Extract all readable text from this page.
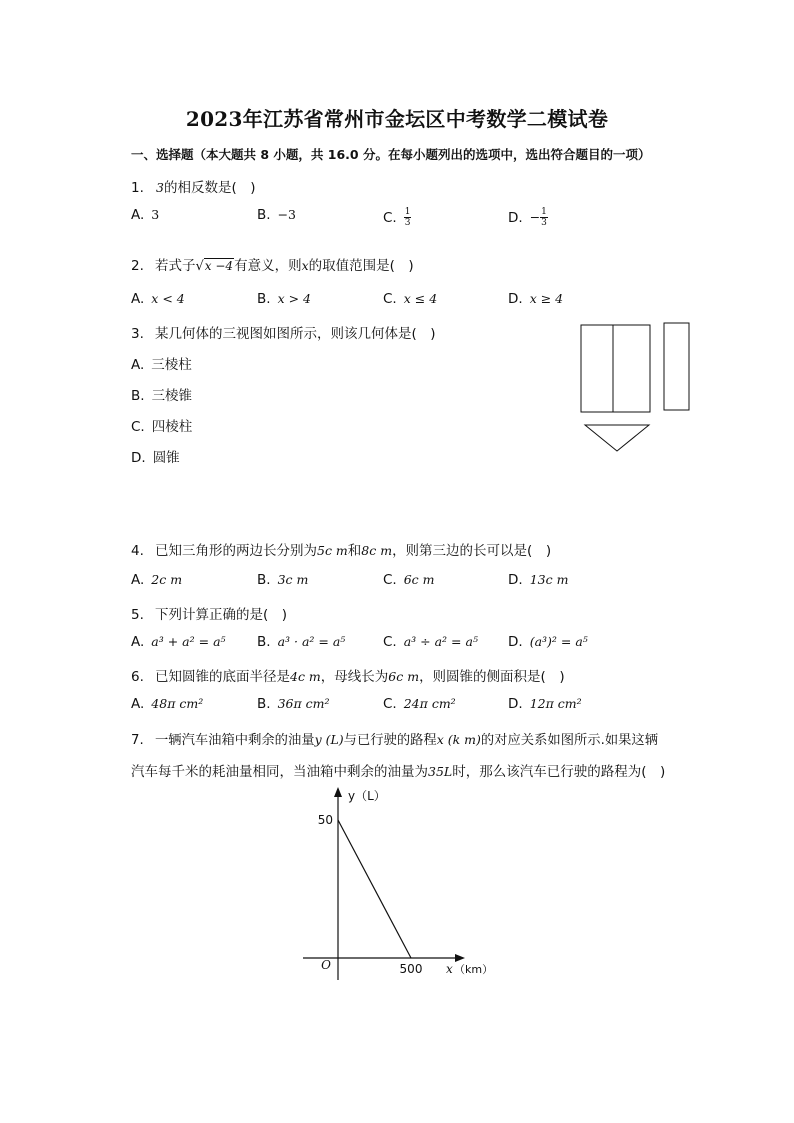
2023年江苏省常州市金坛区中考数学二模试卷
一、选择题（本大题共 8 小题，共 16.0 分。在每小题列出的选项中，选出符合题目的一项）
1. 3的相反数是(　)
A. 3	B. −3	C. $\frac{1}{3}$	D. − $\frac{1}{3}$
2. 若式子√x −4有意义，则x的取值范围是(　)
A. x < 4	B. x > 4	C. x ≤ 4	D. x ≥ 4
3. 某几何体的三视图如图所示，则该几何体是(　)
A. 三棱柱
B. 三棱锥
C. 四棱柱
D. 圆锥
4. 已知三角形的两边长分别为5c m和8c m，则第三边的长可以是(　)
A. 2c m	B. 3c m	C. 6c m	D. 13c m
5. 下列计算正确的是(　)
A. a³ + a² = a⁵ B. a³ · a² = a⁵	C. a³ ÷ a² = a⁵ D. (a³)² = a⁵
6. 已知圆锥的底面半径是4c m，母线长为6c m，则圆锥的侧面积是(　)
A. 48π cm²	B. 36π cm²	C. 24π cm²	D. 12π cm²
7. 一辆汽车油箱中剩余的油量y (L)与已行驶的路程x (k m)的对应关系如图所示.如果这辆
汽车每千米的耗油量相同，当油箱中剩余的油量为35L时，那么该汽车已行驶的路程为(　)
50
500
O
y（L）
x （km）
